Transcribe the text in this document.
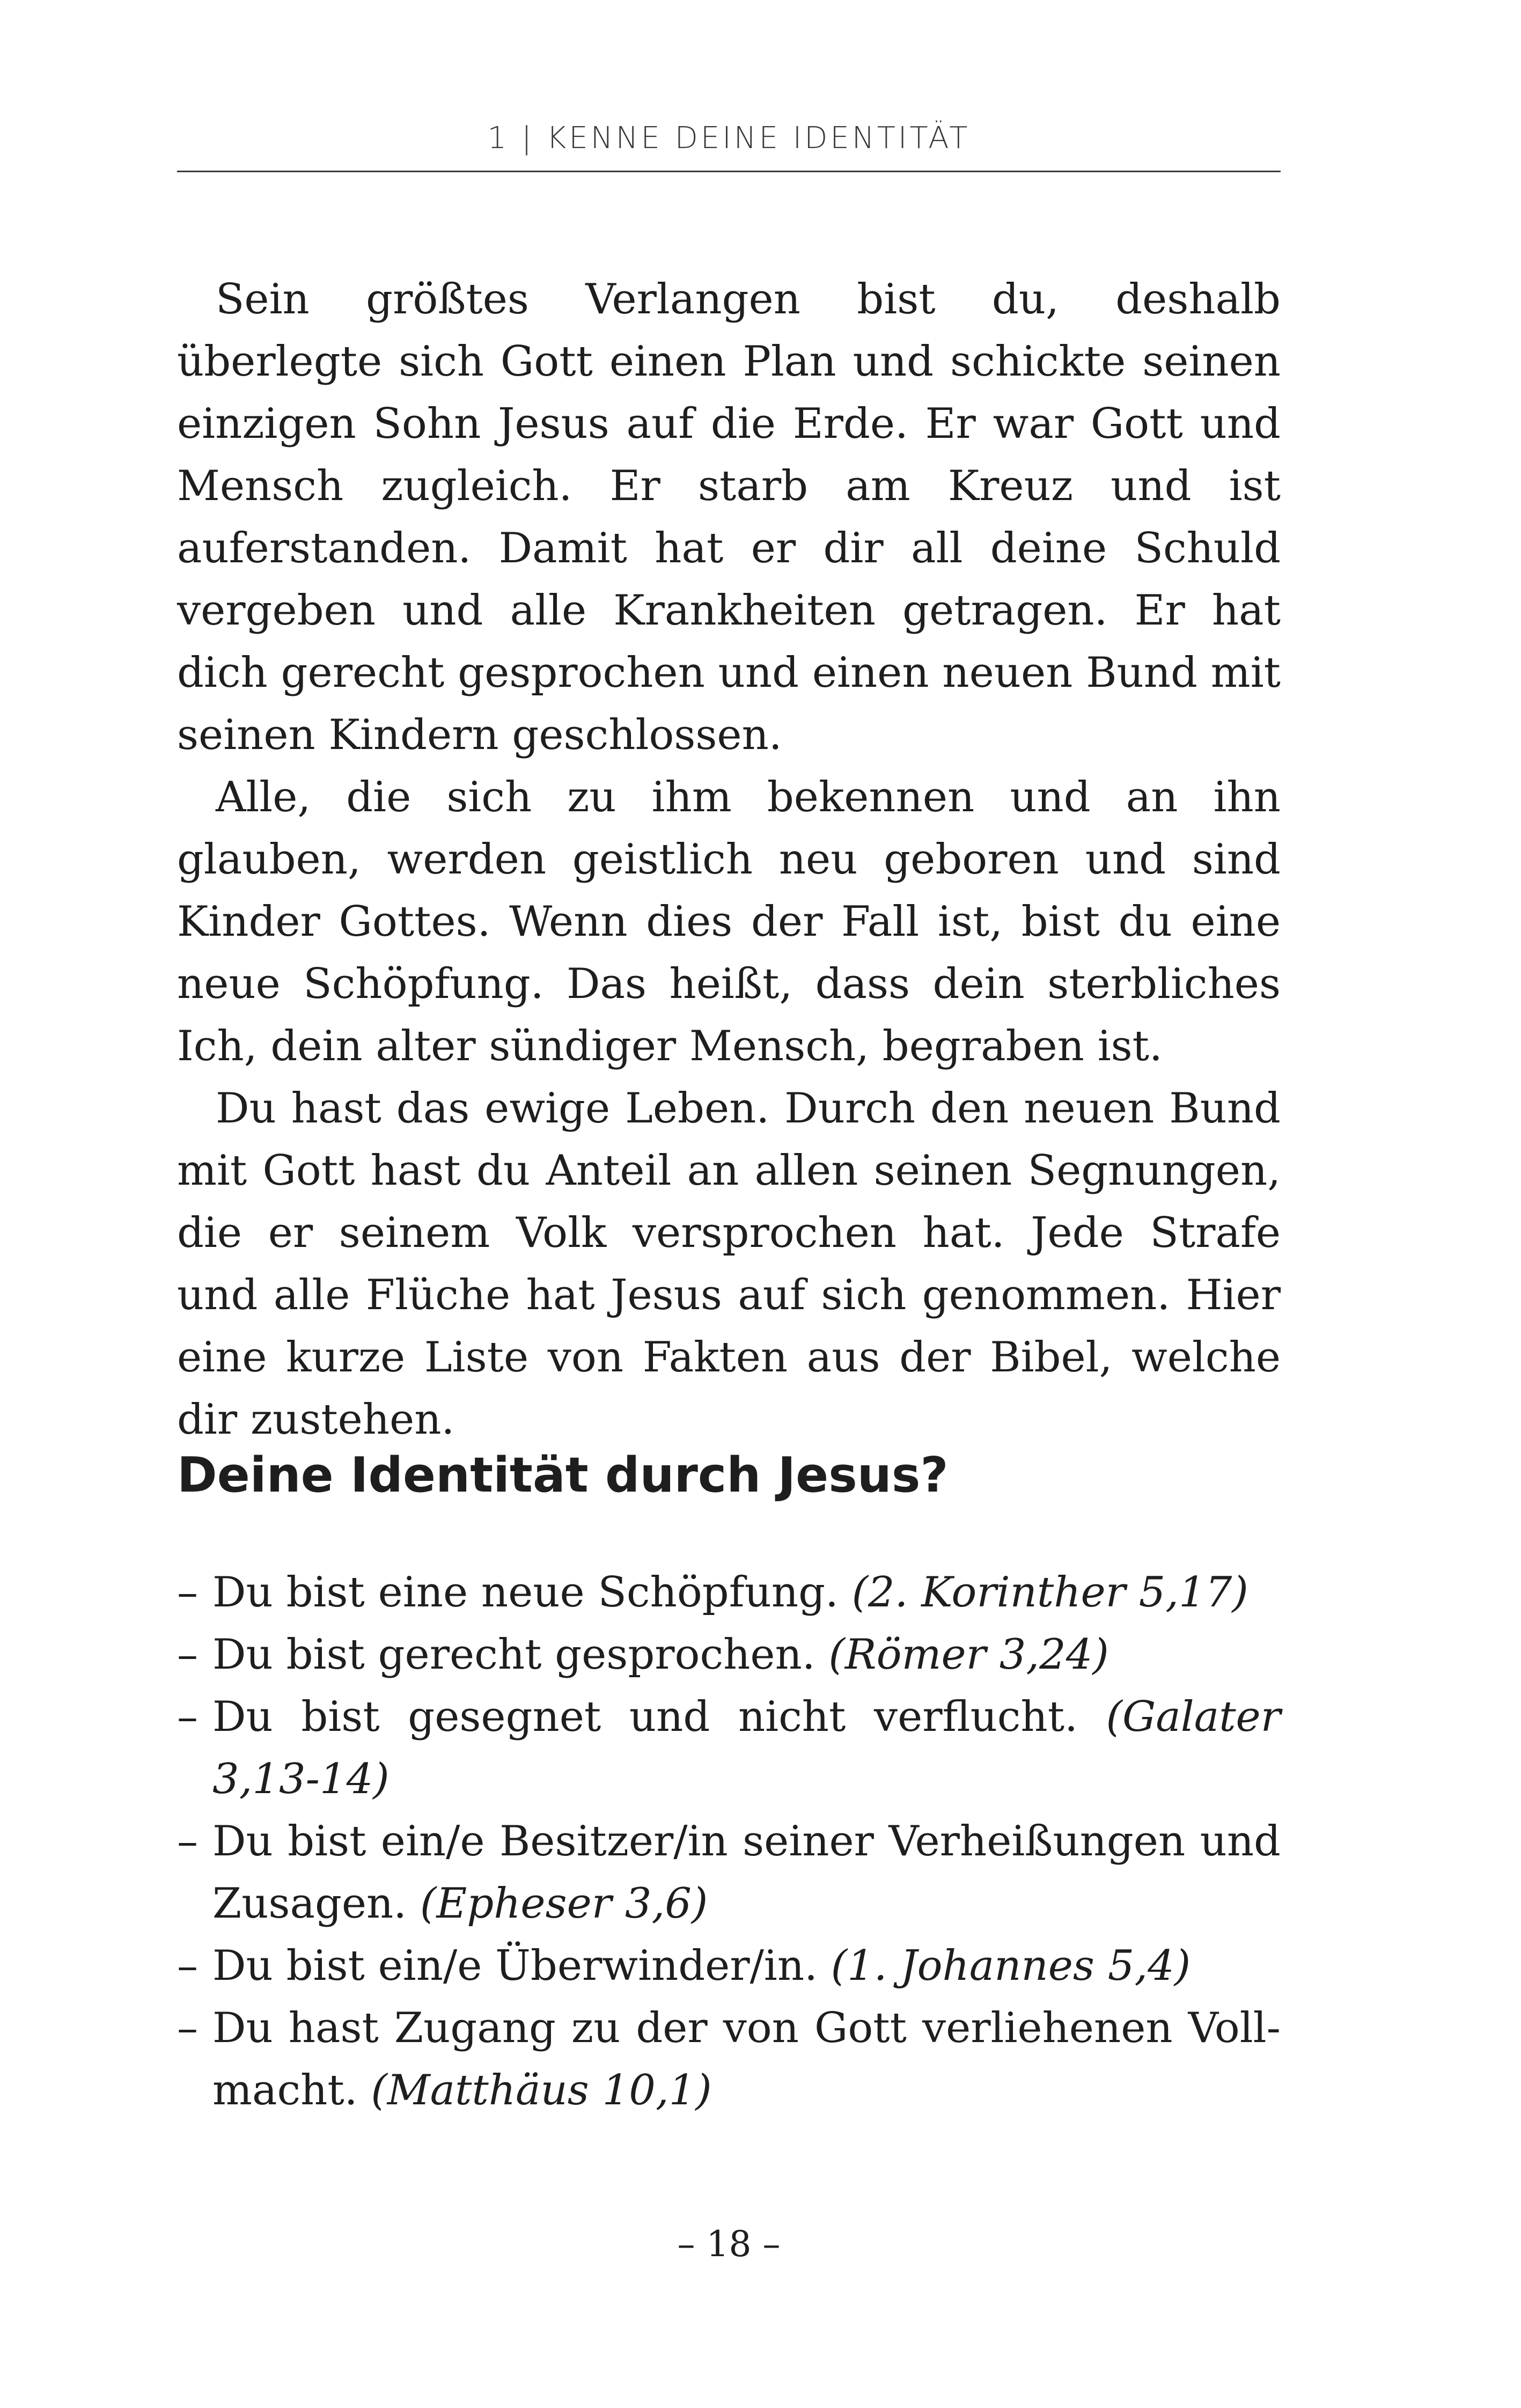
1 | KENNE DEINE IDENTITÄT

Sein größtes Verlangen bist du, deshalb überlegte sich Gott einen Plan und schickte seinen einzigen Sohn Jesus auf die Erde. Er war Gott und Mensch zugleich. Er starb am Kreuz und ist auferstanden. Damit hat er dir all deine Schuld vergeben und alle Krankheiten getragen. Er hat dich gerecht gesprochen und einen neuen Bund mit seinen Kindern geschlossen.

Alle, die sich zu ihm bekennen und an ihn glauben, werden geistlich neu geboren und sind Kinder Gottes. Wenn dies der Fall ist, bist du eine neue Schöpfung. Das heißt, dass dein sterbliches Ich, dein alter sündiger Mensch, begraben ist.

Du hast das ewige Leben. Durch den neuen Bund mit Gott hast du Anteil an allen seinen Segnungen, die er seinem Volk versprochen hat. Jede Strafe und alle Flüche hat Jesus auf sich genommen. Hier eine kurze Liste von Fakten aus der Bibel, welche dir zustehen.

Deine Identität durch Jesus?
– Du bist eine neue Schöpfung. (2. Korinther 5,17)
– Du bist gerecht gesprochen. (Römer 3,24)
– Du bist gesegnet und nicht verflucht. (Galater 3,13-14)
– Du bist ein/e Besitzer/in seiner Verheißungen und Zusagen. (Epheser 3,6)
– Du bist ein/e Überwinder/in. (1. Johannes 5,4)
– Du hast Zugang zu der von Gott verliehenen Vollmacht. (Matthäus 10,1)
– 18 –
